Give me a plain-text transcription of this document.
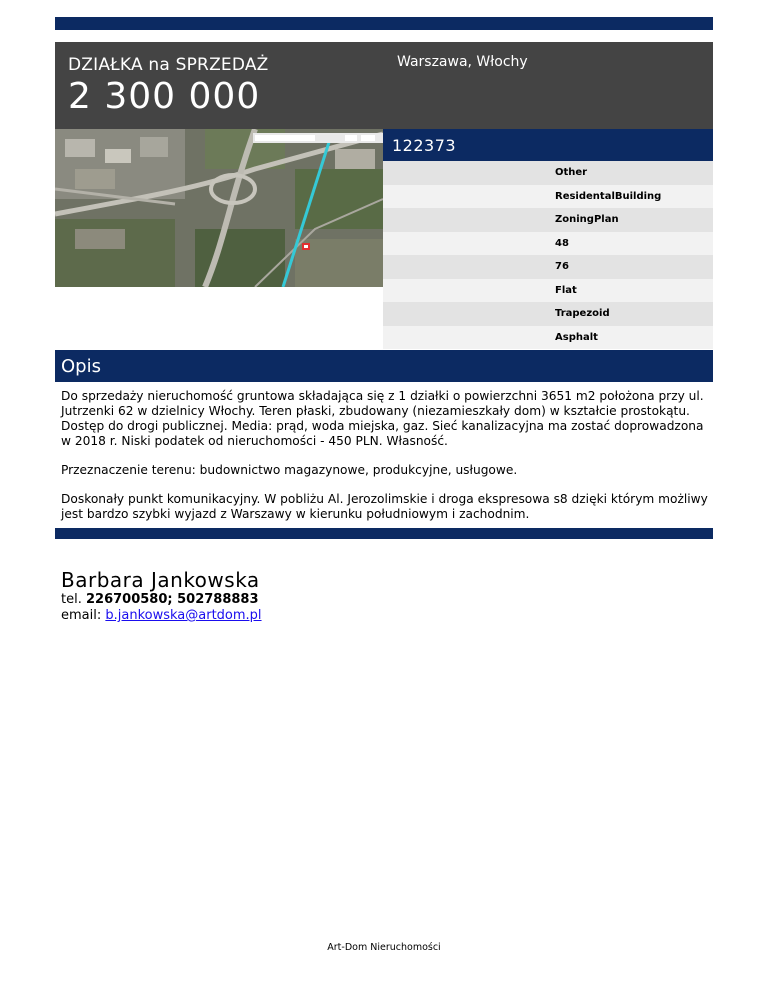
DZIAŁKA na SPRZEDAŻ
2 300 000
Warszawa, Włochy
122373
Other
ResidentalBuilding
ZoningPlan
48
76
Flat
Trapezoid
Asphalt
Opis

Do sprzedaży nieruchomość gruntowa składająca się z 1 działki o powierzchni 3651 m2 położona przy ul. Jutrzenki 62 w dzielnicy Włochy. Teren płaski, zbudowany (niezamieszkały dom) w kształcie prostokątu. Dostęp do drogi publicznej. Media: prąd, woda miejska, gaz. Sieć kanalizacyjna ma zostać doprowadzona w 2018 r. Niski podatek od nieruchomości - 450 PLN. Własność.

Przeznaczenie terenu: budownictwo magazynowe, produkcyjne, usługowe.

Doskonały punkt komunikacyjny. W pobliżu Al. Jerozolimskie i droga ekspresowa s8 dzięki którym możliwy jest bardzo szybki wyjazd z Warszawy w kierunku południowym i zachodnim.

Barbara Jankowska
tel. 226700580; 502788883
email: b.jankowska@artdom.pl
Art-Dom Nieruchomości
